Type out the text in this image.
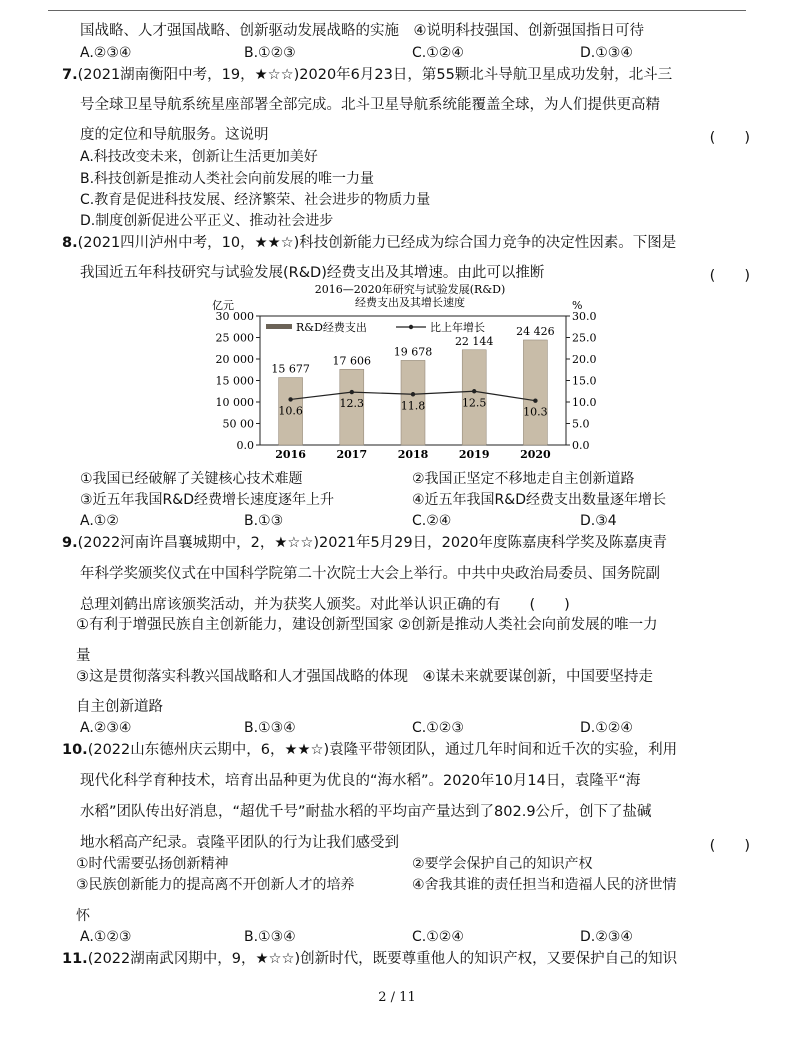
国战略、人才强国战略、创新驱动发展战略的实施　④说明科技强国、创新强国指日可待
A.②③④	B.①②③	C.①②④	D.①③④
7.(2021湖南衡阳中考，19，★☆☆)2020年6月23日，第55颗北斗导航卫星成功发射，北斗三
号全球卫星导航系统星座部署全部完成。北斗卫星导航系统能覆盖全球，为人们提供更高精
度的定位和导航服务。这说明	(　　)
A.科技改变未来，创新让生活更加美好
B.科技创新是推动人类社会向前发展的唯一力量
C.教育是促进科技发展、经济繁荣、社会进步的物质力量
D.制度创新促进公平正义、推动社会进步
8.(2021四川泸州中考，10，★★☆)科技创新能力已经成为综合国力竞争的决定性因素。下图是
我国近五年科技研究与试验发展(R&D)经费支出及其增速。由此可以推断	(　　)
2016—2020年研究与试验发展(R&D)
经费支出及其增长速度
亿元	%
0.0
50 00
10 000
15 000
20 000
25 000
30 000
0.0
5.0
10.0
15.0
20.0
25.0
30.0
15 677
2016
17 606
2017
19 678
2018
22 144
2019
24 426
2020
10.6
12.3	11.8	12.5
10.3
R&D经费支出	比上年增长
①我国已经破解了关键核心技术难题	②我国正坚定不移地走自主创新道路
③近五年我国R&D经费增长速度逐年上升	④近五年我国R&D经费支出数量逐年增长
A.①②	B.①③	C.②④	D.③4
9.(2022河南许昌襄城期中，2，★☆☆)2021年5月29日，2020年度陈嘉庚科学奖及陈嘉庚青
年科学奖颁奖仪式在中国科学院第二十次院士大会上举行。中共中央政治局委员、国务院副
总理刘鹤出席该颁奖活动，并为获奖人颁奖。对此举认识正确的有　　(　　)
①有利于增强民族自主创新能力，建设创新型国家 ②创新是推动人类社会向前发展的唯一力
量
③这是贯彻落实科教兴国战略和人才强国战略的体现　④谋未来就要谋创新，中国要坚持走
自主创新道路
A.②③④	B.①③④	C.①②③	D.①②④
10.(2022山东德州庆云期中，6，★★☆)袁隆平带领团队，通过几年时间和近千次的实验，利用
现代化科学育种技术，培育出品种更为优良的“海水稻”。2020年10月14日，袁隆平“海
水稻”团队传出好消息，“超优千号”耐盐水稻的平均亩产量达到了802.9公斤，创下了盐碱
地水稻高产纪录。袁隆平团队的行为让我们感受到	(　　)
①时代需要弘扬创新精神	②要学会保护自己的知识产权
③民族创新能力的提高离不开创新人才的培养	④舍我其谁的责任担当和造福人民的济世情
怀
A.①②③	B.①③④	C.①②④	D.②③④
11.(2022湖南武冈期中，9，★☆☆)创新时代，既要尊重他人的知识产权，又要保护自己的知识
2 / 11
